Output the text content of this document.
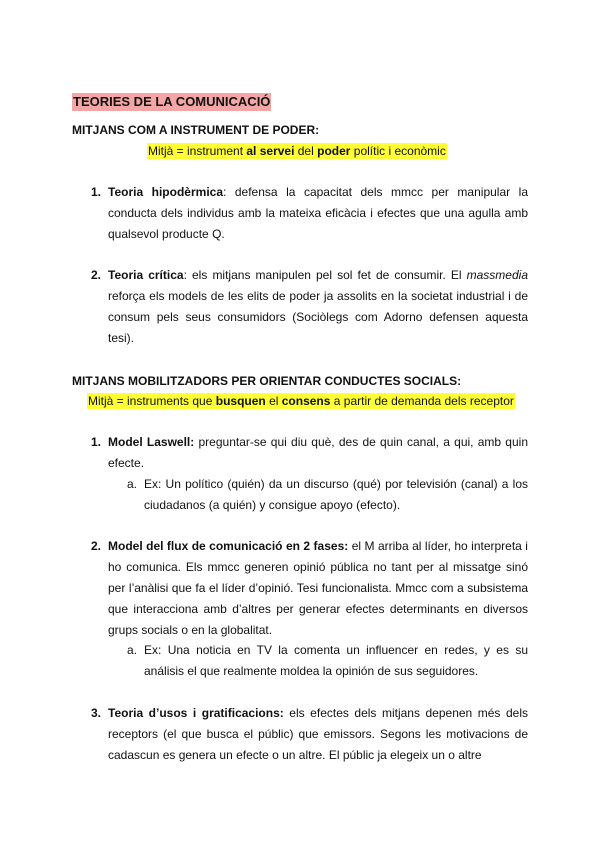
TEORIES DE LA COMUNICACIÓ
MITJANS COM A INSTRUMENT DE PODER:
Mitjà = instrument al servei del poder polític i econòmic
1. Teoria hipodèrmica: defensa la capacitat dels mmcc per manipular la conducta dels individus amb la mateixa eficàcia i efectes que una agulla amb qualsevol producte Q.
2. Teoria crítica: els mitjans manipulen pel sol fet de consumir. El massmedia reforça els models de les elits de poder ja assolits en la societat industrial i de consum pels seus consumidors (Sociòlegs com Adorno defensen aquesta tesi).
MITJANS MOBILITZADORS PER ORIENTAR CONDUCTES SOCIALS:
Mitjà = instruments que busquen el consens a partir de demanda dels receptor
1. Model Laswell: preguntar-se qui diu què, des de quin canal, a qui, amb quin efecte.
a. Ex: Un político (quién) da un discurso (qué) por televisión (canal) a los ciudadanos (a quién) y consigue apoyo (efecto).
2. Model del flux de comunicació en 2 fases: el M arriba al líder, ho interpreta i ho comunica. Els mmcc generen opinió pública no tant per al missatge sinó per l’anàlisi que fa el líder d’opinió. Tesi funcionalista. Mmcc com a subsistema que interacciona amb d’altres per generar efectes determinants en diversos grups socials o en la globalitat.
a. Ex: Una noticia en TV la comenta un influencer en redes, y es su análisis el que realmente moldea la opinión de sus seguidores.
3. Teoria d’usos i gratificacions: els efectes dels mitjans depenen més dels receptors (el que busca el públic) que emissors. Segons les motivacions de cadascun es genera un efecte o un altre. El públic ja elegeix un o altre
